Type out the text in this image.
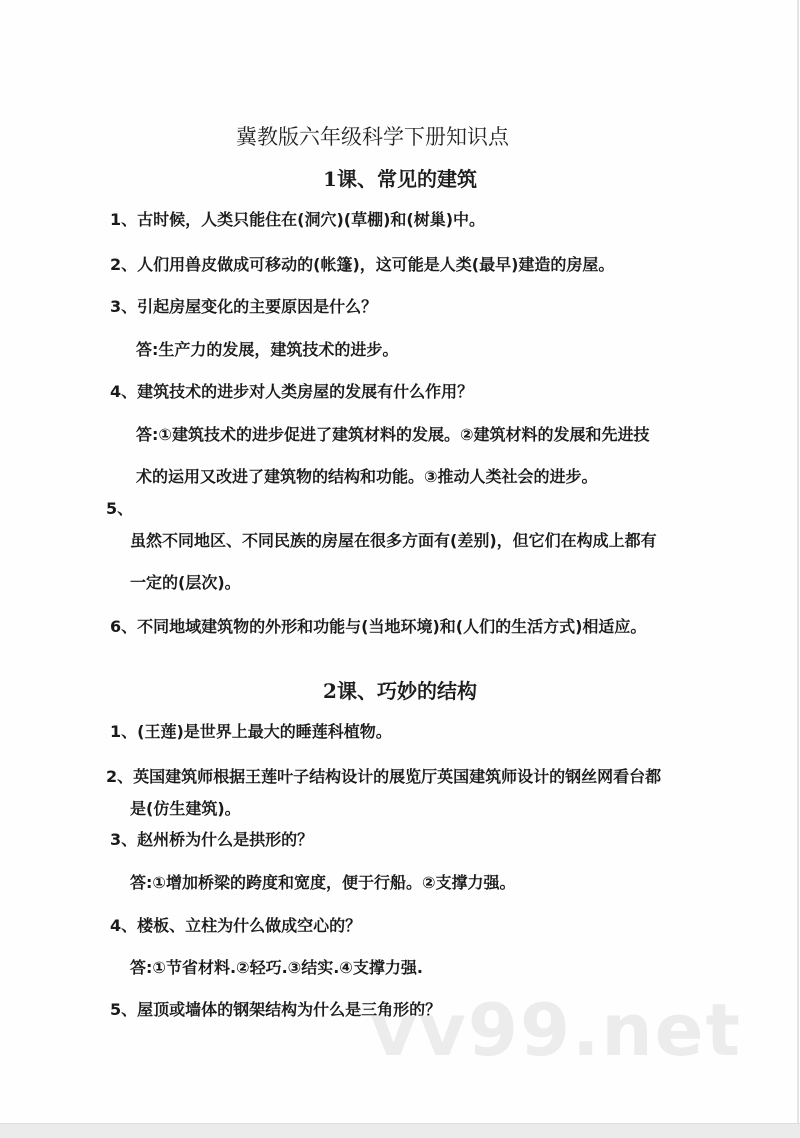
冀教版六年级科学下册知识点
1课、常见的建筑
1、古时候，人类只能住在(洞穴)(草棚)和(树巢)中。
2、人们用兽皮做成可移动的(帐篷)，这可能是人类(最早)建造的房屋。
3、引起房屋变化的主要原因是什么？
答:生产力的发展，建筑技术的进步。
4、建筑技术的进步对人类房屋的发展有什么作用？
答:①建筑技术的进步促进了建筑材料的发展。②建筑材料的发展和先进技
术的运用又改进了建筑物的结构和功能。③推动人类社会的进步。
5、
虽然不同地区、不同民族的房屋在很多方面有(差别)，但它们在构成上都有
一定的(层次)。
6、不同地域建筑物的外形和功能与(当地环境)和(人们的生活方式)相适应。
2课、巧妙的结构
1、(王莲)是世界上最大的睡莲科植物。
2、英国建筑师根据王莲叶子结构设计的展览厅英国建筑师设计的钢丝网看台都
是(仿生建筑)。
3、赵州桥为什么是拱形的？
答:①增加桥梁的跨度和宽度，便于行船。②支撑力强。
4、楼板、立柱为什么做成空心的？
答:①节省材料.②轻巧.③结实.④支撑力强.
5、屋顶或墙体的钢架结构为什么是三角形的？
vv99.net
